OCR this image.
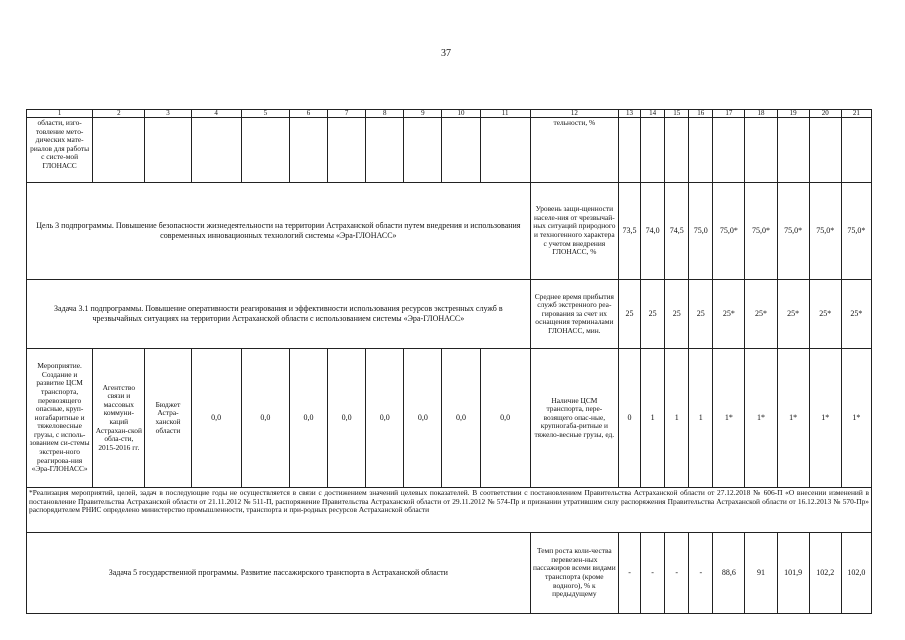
37
1	2	3	4	5	6	7	8	9	10	11	12	13	14	15	16	17	18	19	20	21
области, изго-товление мето-дических мате-риалов для работы с систе-мой ГЛОНАСС											тельности, %									
Цель 3 подпрограммы. Повышение безопасности жизнедеятельности на территории Астраханской области путем внедрения и использования современных инновационных технологий системы «Эра-ГЛОНАСС»											Уровень защи-щенности населе-ния от чрезвычай-ных ситуаций природного и техногенного характера с учетом внедрения ГЛОНАСС, %	73,5	74,0	74,5	75,0	75,0*	75,0*	75,0*	75,0*	75,0*
Задача 3.1 подпрограммы. Повышение оперативности реагирования и эффективности использования ресурсов экстренных служб в чрезвычайных ситуациях на территории Астраханской области с использованием системы «Эра-ГЛОНАСС»											Среднее время прибытия служб экстренного реа-гирования за счет их оснащения терминалами ГЛОНАСС, мин.	25	25	25	25	25*	25*	25*	25*	25*
Мероприятие. Создание и развитие ЦСМ транспорта, перевозящего опасные, круп-ногабаритные и тяжеловесные грузы, с исполь-зованием си-стемы экстрен-ного реагирова-ния «Эра-ГЛОНАСС»	Агентство связи и массовых коммуни-каций Астрахан-ской обла-сти, 2015-2016 гг.	Бюджет Астра-ханской области	0,0	0,0	0,0	0,0	0,0	0,0	0,0	0,0	Наличие ЦСМ транспорта, пере-возящего опас-ные, крупногаба-ритные и тяжело-весные грузы, ед.	0	1	1	1	1*	1*	1*	1*	1*
*Реализация мероприятий, целей, задач в последующие годы не осуществляется в связи с достижением значений целевых показателей. В соответствии с постановлением Правительства Астраханской области от 27.12.2018 № 606-П «О внесении изменений в постановление Правительства Астраханской области от 21.11.2012 № 511-П, распоряжение Правительства Астраханской области от 29.11.2012 № 574-Пр и признании утратившим силу распоряжения Правительства Астраханской области от 16.12.2013 № 570-Пр» распорядителем РНИС определено министерство промышленности, транспорта и при-родных ресурсов Астраханской области																				
Задача 5 государственной программы. Развитие пассажирского транспорта в Астраханской области											Темп роста коли-чества перевезен-ных пассажиров всеми видами транспорта (кроме водного), % к предыдущему	-	-	-	-	88,6	91	101,9	102,2	102,0
